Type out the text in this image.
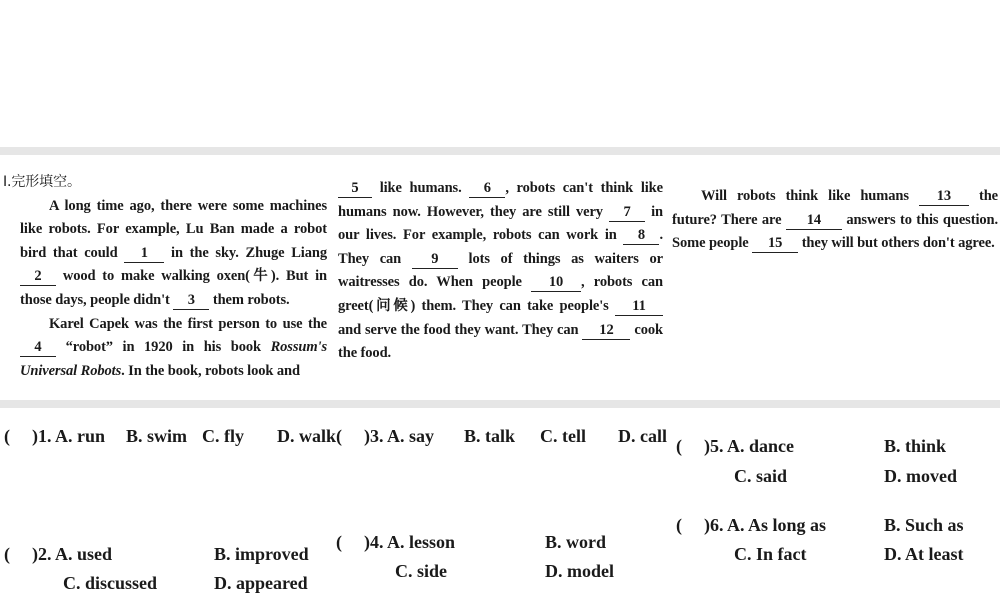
Ⅰ.完形填空。

A long time ago, there were some machines like robots. For example, Lu Ban made a robot bird that could 1 in the sky. Zhuge Liang 2 wood to make walking oxen(牛). But in those days, people didn't 3 them robots.

Karel Capek was the first person to use the 4 “robot” in 1920 in his book Rossum's Universal Robots. In the book, robots look and

5 like humans. 6 , robots can't think like humans now. However, they are still very 7 in our lives. For example, robots can work in 8 . They can 9 lots of things as waiters or waitresses do. When people 10 , robots can greet(问候) them. They can take people's 11 and serve the food they want. They can 12 cook the food.

Will robots think like humans 13 the future? There are 14 answers to this question. Some people 15 they will but others don't agree.

( )1. A. run B. swim C. fly D. walk
( )2. A. used	B. improved
C. discussed	D. appeared
( )3. A. say B. talk C. tell D. call
( )4. A. lesson	B. word
C. side	D. model
( )5. A. dance	B. think
C. said	D. moved
( )6. A. As long as	B. Such as
C. In fact	D. At least
